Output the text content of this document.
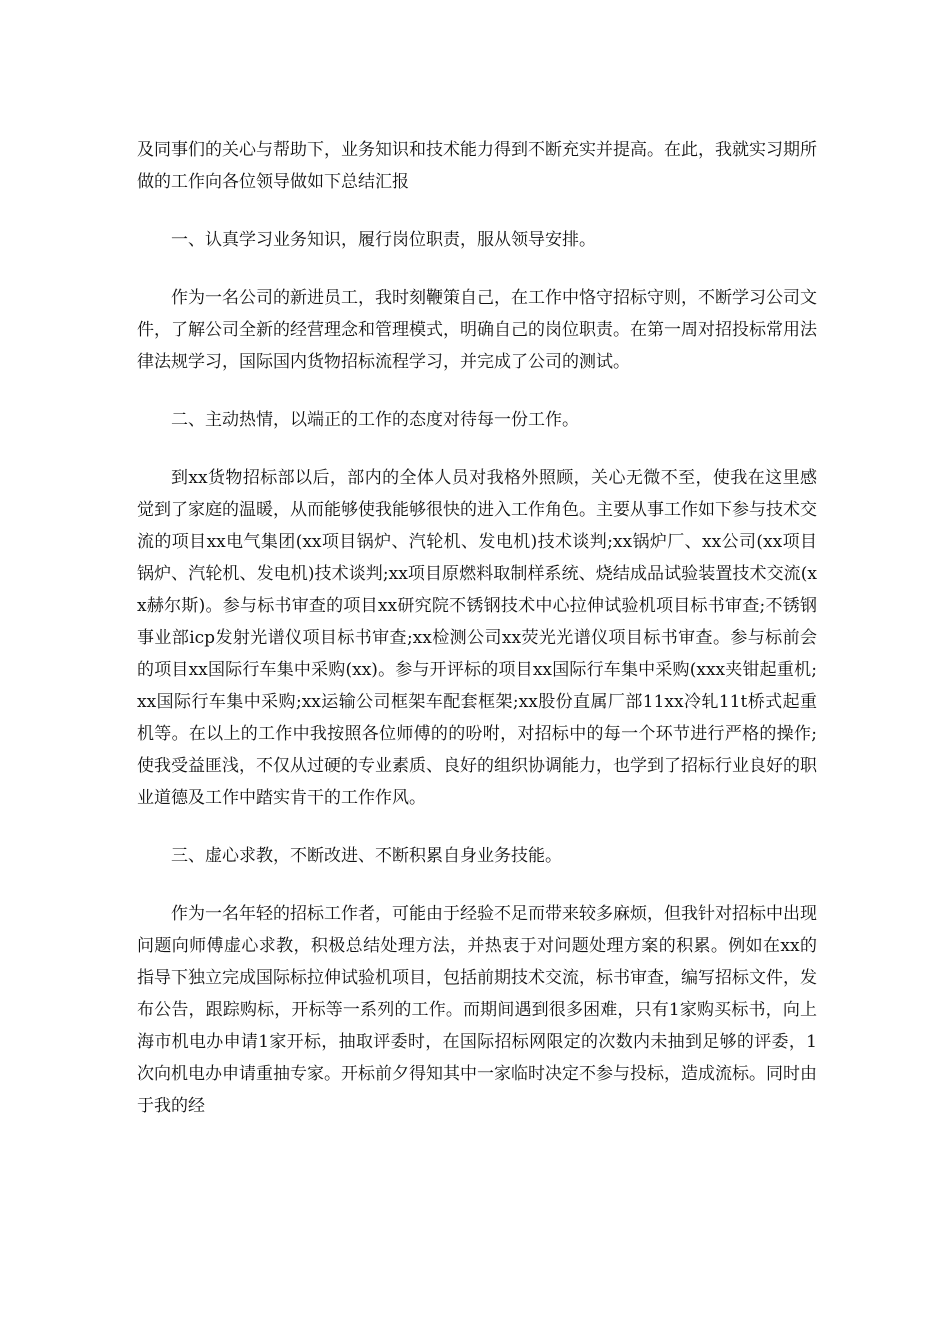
及同事们的关心与帮助下，业务知识和技术能力得到不断充实并提高。在此，我就实习期所做的工作向各位领导做如下总结汇报

一、认真学习业务知识，履行岗位职责，服从领导安排。

作为一名公司的新进员工，我时刻鞭策自己，在工作中恪守招标守则，不断学习公司文件，了解公司全新的经营理念和管理模式，明确自己的岗位职责。在第一周对招投标常用法律法规学习，国际国内货物招标流程学习，并完成了公司的测试。

二、主动热情，以端正的工作的态度对待每一份工作。

到xx货物招标部以后，部内的全体人员对我格外照顾，关心无微不至，使我在这里感觉到了家庭的温暖，从而能够使我能够很快的进入工作角色。主要从事工作如下参与技术交流的项目xx电气集团(xx项目锅炉、汽轮机、发电机)技术谈判;xx锅炉厂、xx公司(xx项目锅炉、汽轮机、发电机)技术谈判;xx项目原燃料取制样系统、烧结成品试验装置技术交流(xx赫尔斯)。参与标书审查的项目xx研究院不锈钢技术中心拉伸试验机项目标书审查;不锈钢事业部icp发射光谱仪项目标书审查;xx检测公司xx荧光光谱仪项目标书审查。参与标前会的项目xx国际行车集中采购(xx)。参与开评标的项目xx国际行车集中采购(xxx夹钳起重机;xx国际行车集中采购;xx运输公司框架车配套框架;xx股份直属厂部11xx冷轧11t桥式起重机等。在以上的工作中我按照各位师傅的的吩咐，对招标中的每一个环节进行严格的操作;使我受益匪浅，不仅从过硬的专业素质、良好的组织协调能力，也学到了招标行业良好的职业道德及工作中踏实肯干的工作作风。

三、虚心求教，不断改进、不断积累自身业务技能。

作为一名年轻的招标工作者，可能由于经验不足而带来较多麻烦，但我针对招标中出现问题向师傅虚心求教，积极总结处理方法，并热衷于对问题处理方案的积累。例如在xx的指导下独立完成国际标拉伸试验机项目，包括前期技术交流，标书审查，编写招标文件，发布公告，跟踪购标，开标等一系列的工作。而期间遇到很多困难，只有1家购买标书，向上海市机电办申请1家开标，抽取评委时，在国际招标网限定的次数内未抽到足够的评委，1次向机电办申请重抽专家。开标前夕得知其中一家临时决定不参与投标，造成流标。同时由于我的经
